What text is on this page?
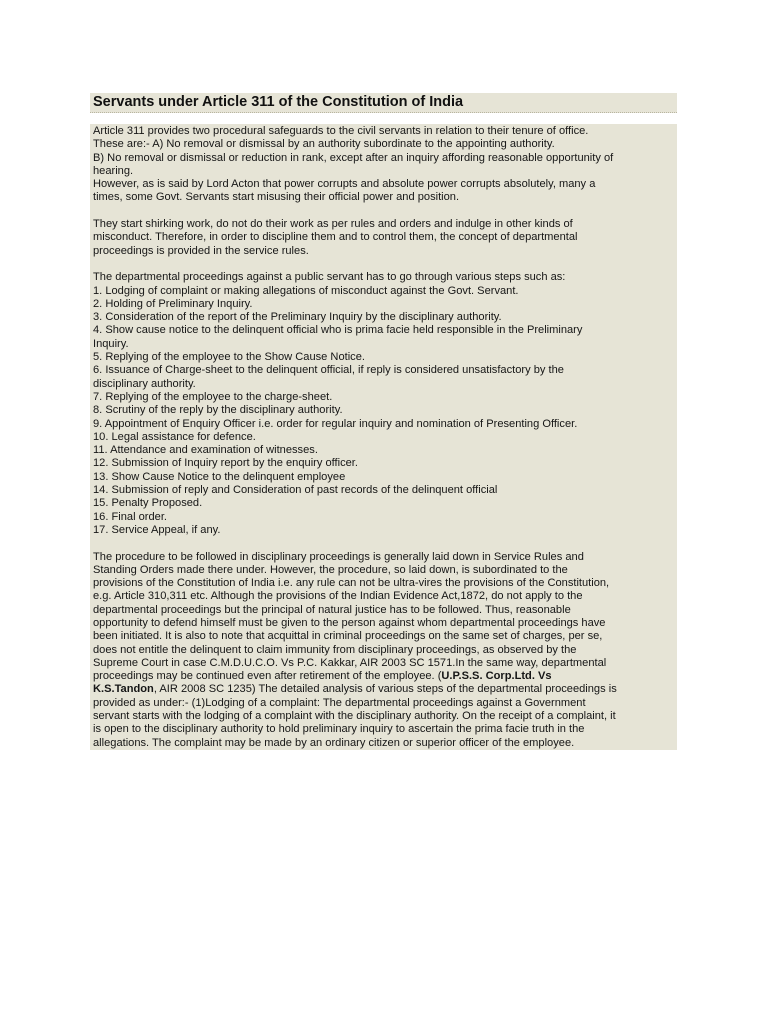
Servants under Article 311 of the Constitution of India
Article 311 provides two procedural safeguards to the civil servants in relation to their tenure of office.
These are:- A) No removal or dismissal by an authority subordinate to the appointing authority.
B) No removal or dismissal or reduction in rank, except after an inquiry affording reasonable opportunity of
hearing.
However, as is said by Lord Acton that power corrupts and absolute power corrupts absolutely, many a
times, some Govt. Servants start misusing their official power and position.
They start shirking work, do not do their work as per rules and orders and indulge in other kinds of
misconduct. Therefore, in order to discipline them and to control them, the concept of departmental
proceedings is provided in the service rules.
The departmental proceedings against a public servant has to go through various steps such as:
1. Lodging of complaint or making allegations of misconduct against the Govt. Servant.
2. Holding of Preliminary Inquiry.
3. Consideration of the report of the Preliminary Inquiry by the disciplinary authority.
4. Show cause notice to the delinquent official who is prima facie held responsible in the Preliminary
Inquiry.
5. Replying of the employee to the Show Cause Notice.
6. Issuance of Charge-sheet to the delinquent official, if reply is considered unsatisfactory by the
disciplinary authority.
7. Replying of the employee to the charge-sheet.
8. Scrutiny of the reply by the disciplinary authority.
9. Appointment of Enquiry Officer i.e. order for regular inquiry and nomination of Presenting Officer.
10. Legal assistance for defence.
11. Attendance and examination of witnesses.
12. Submission of Inquiry report by the enquiry officer.
13. Show Cause Notice to the delinquent employee
14. Submission of reply and Consideration of past records of the delinquent official
15. Penalty Proposed.
16. Final order.
17. Service Appeal, if any.
The procedure to be followed in disciplinary proceedings is generally laid down in Service Rules and
Standing Orders made there under. However, the procedure, so laid down, is subordinated to the
provisions of the Constitution of India i.e. any rule can not be ultra-vires the provisions of the Constitution,
e.g. Article 310,311 etc. Although the provisions of the Indian Evidence Act,1872, do not apply to the
departmental proceedings but the principal of natural justice has to be followed. Thus, reasonable
opportunity to defend himself must be given to the person against whom departmental proceedings have
been initiated. It is also to note that acquittal in criminal proceedings on the same set of charges, per se,
does not entitle the delinquent to claim immunity from disciplinary proceedings, as observed by the
Supreme Court in case C.M.D.U.C.O. Vs P.C. Kakkar, AIR 2003 SC 1571.In the same way, departmental
proceedings may be continued even after retirement of the employee. (U.P.S.S. Corp.Ltd. Vs
K.S.Tandon, AIR 2008 SC 1235) The detailed analysis of various steps of the departmental proceedings is
provided as under:- (1)Lodging of a complaint: The departmental proceedings against a Government
servant starts with the lodging of a complaint with the disciplinary authority. On the receipt of a complaint, it
is open to the disciplinary authority to hold preliminary inquiry to ascertain the prima facie truth in the
allegations. The complaint may be made by an ordinary citizen or superior officer of the employee.
